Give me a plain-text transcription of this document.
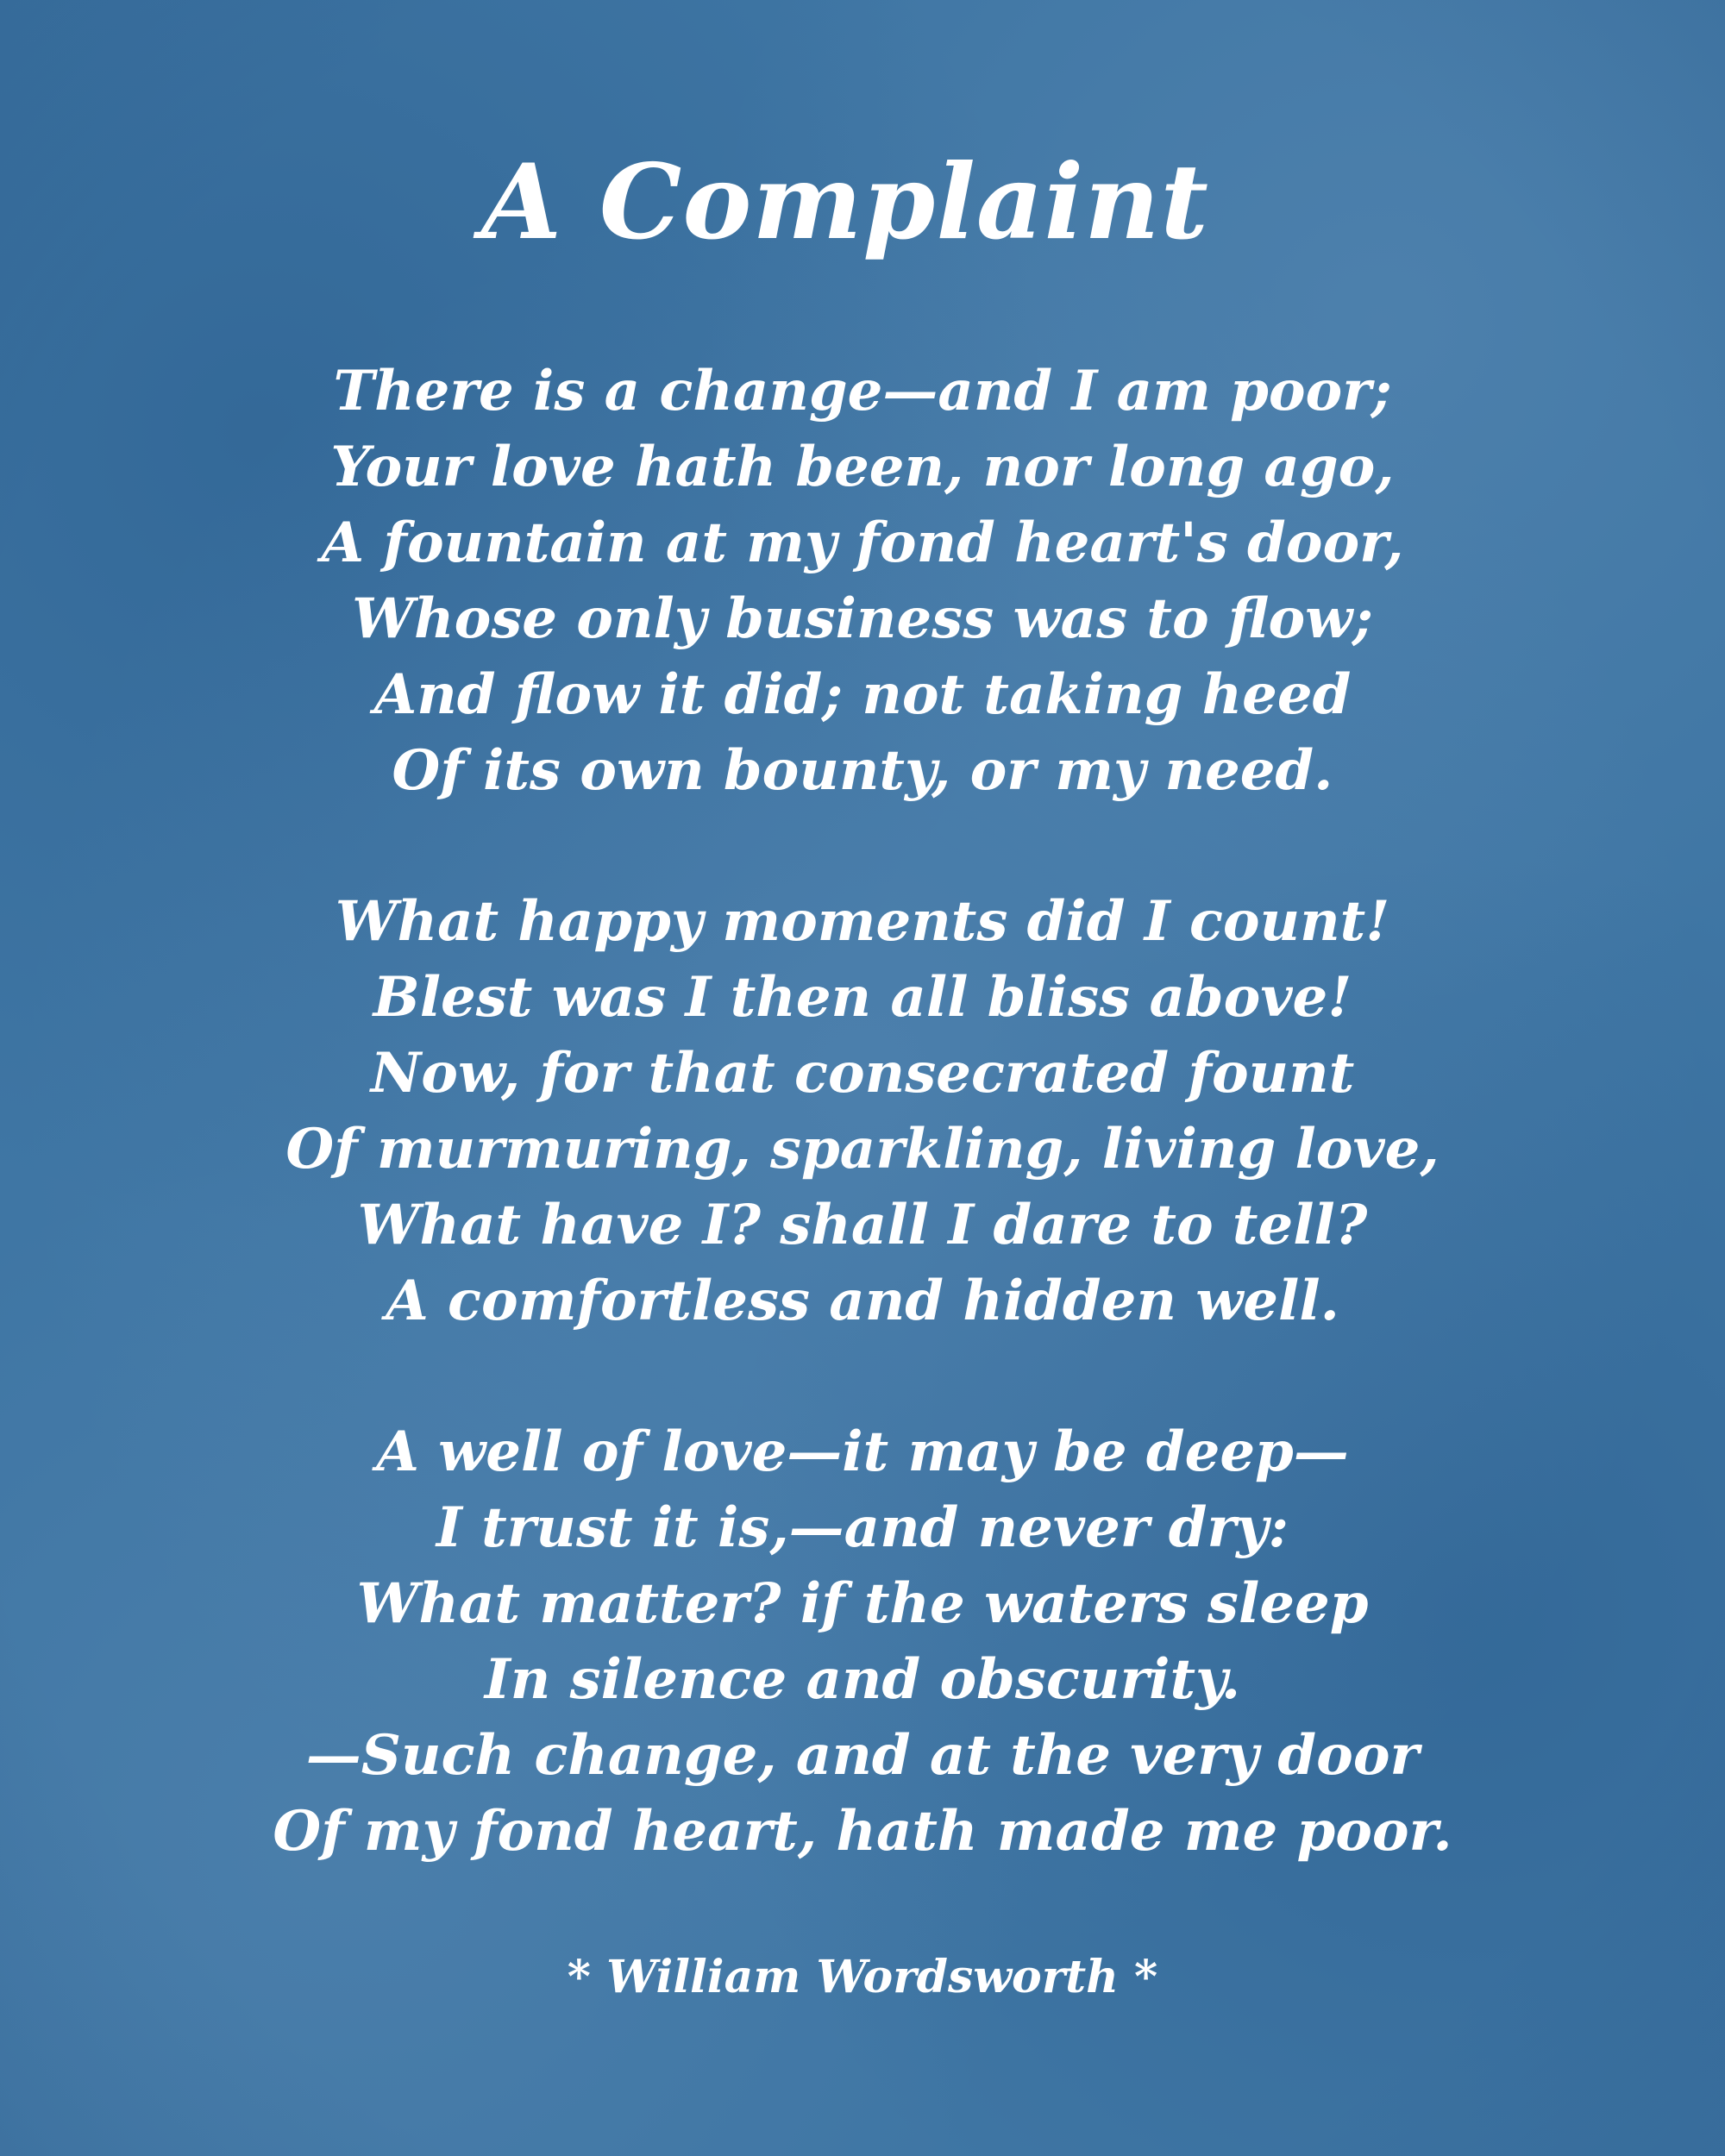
A Complaint
There is a change—and I am poor;
Your love hath been, nor long ago,
A fountain at my fond heart's door,
Whose only business was to flow;
And flow it did; not taking heed
Of its own bounty, or my need.
What happy moments did I count!
Blest was I then all bliss above!
Now, for that consecrated fount
Of murmuring, sparkling, living love,
What have I? shall I dare to tell?
A comfortless and hidden well.
A well of love—it may be deep—
I trust it is,—and never dry:
What matter? if the waters sleep
In silence and obscurity.
—Such change, and at the very door
Of my fond heart, hath made me poor.

* William Wordsworth *
